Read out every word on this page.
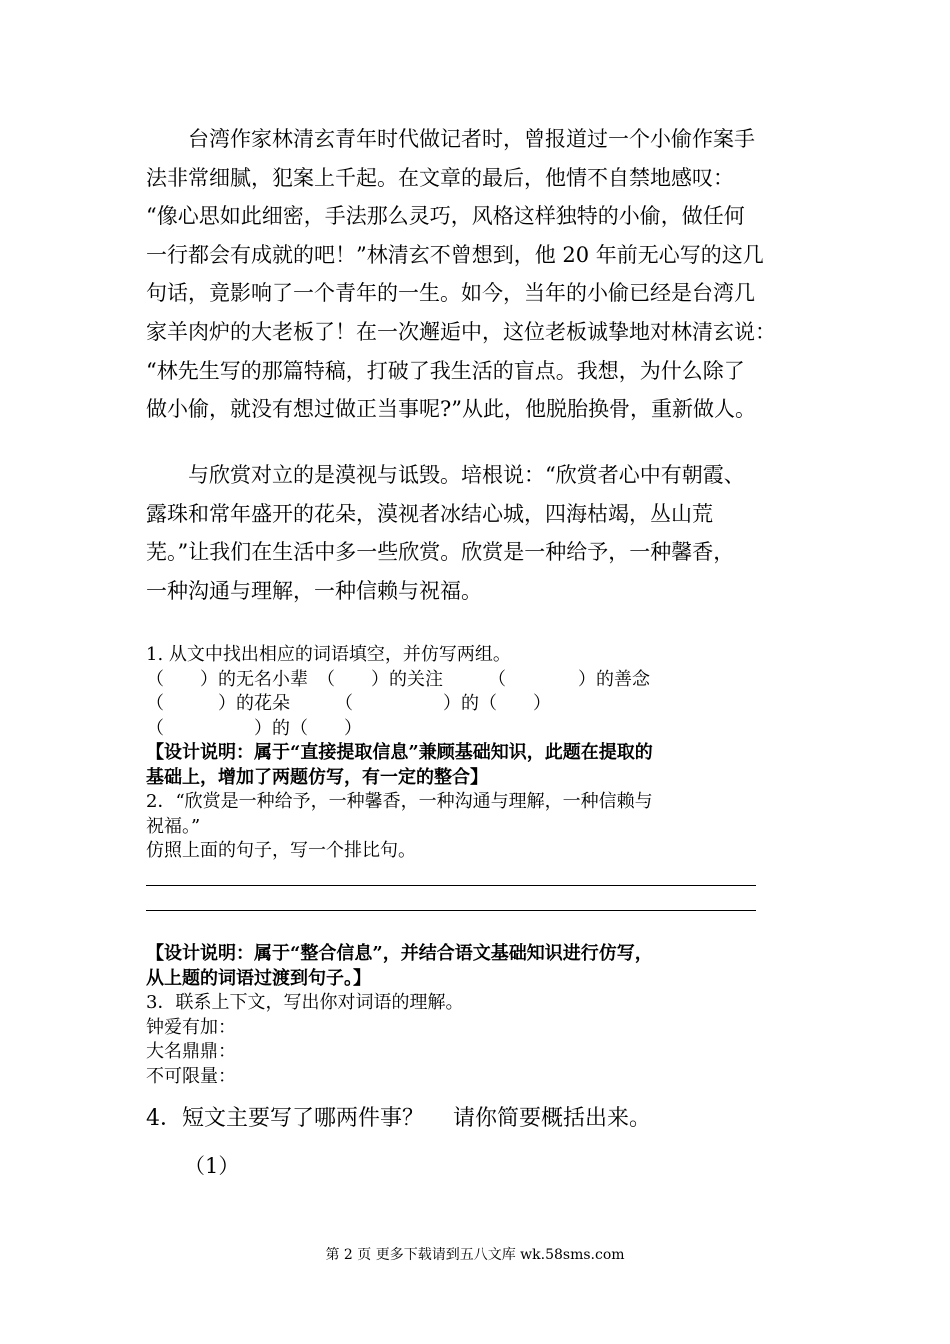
　　台湾作家林清玄青年时代做记者时，曾报道过一个小偷作案手
法非常细腻，犯案上千起。在文章的最后，他情不自禁地感叹：
“像心思如此细密，手法那么灵巧，风格这样独特的小偷，做任何
一行都会有成就的吧！”林清玄不曾想到，他 20 年前无心写的这几
句话，竟影响了一个青年的一生。如今，当年的小偷已经是台湾几
家羊肉炉的大老板了！在一次邂逅中，这位老板诚挚地对林清玄说：
“林先生写的那篇特稿，打破了我生活的盲点。我想，为什么除了
做小偷，就没有想过做正当事呢?”从此，他脱胎换骨，重新做人。
　　与欣赏对立的是漠视与诋毁。培根说：“欣赏者心中有朝霞、
露珠和常年盛开的花朵，漠视者冰结心城，四海枯竭，丛山荒
芜。”让我们在生活中多一些欣赏。欣赏是一种给予，一种馨香，
一种沟通与理解，一种信赖与祝福。
1. 从文中找出相应的词语填空，并仿写两组。
（　　）的无名小辈　（　　）的关注　　　（　　　　）的善念
（　　　）的花朵　　　（　　　　　）的（　　）
（　　　　　）的（　　）
【设计说明：属于“直接提取信息”兼顾基础知识，此题在提取的
基础上，增加了两题仿写，有一定的整合】
2．“欣赏是一种给予，一种馨香，一种沟通与理解，一种信赖与
祝福。”
仿照上面的句子，写一个排比句。
【设计说明：属于“整合信息”，并结合语文基础知识进行仿写，
从上题的词语过渡到句子。】
3．联系上下文，写出你对词语的理解。
钟爱有加：
大名鼎鼎：
不可限量：
4．短文主要写了哪两件事？　 请你简要概括出来。
（1）
第 2 页 更多下载请到五八文库 wk.58sms.com
